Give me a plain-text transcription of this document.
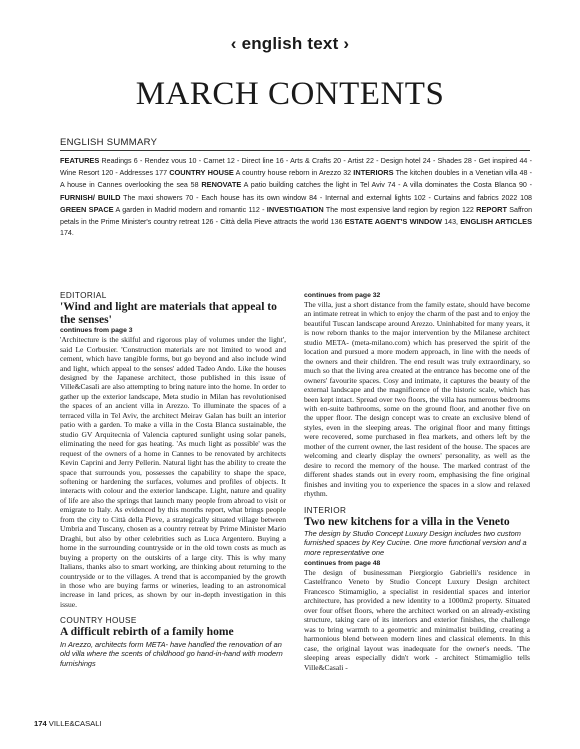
‹ english text ›
MARCH CONTENTS
ENGLISH SUMMARY
FEATURES Readings 6 - Rendez vous 10 - Carnet 12 - Direct line 16 - Arts & Crafts 20 - Artist 22 - Design hotel 24 - Shades 28 - Get inspired 44 - Wine Resort 120 - Addresses 177 COUNTRY HOUSE A country house reborn in Arezzo 32 INTERIORS The kitchen doubles in a Venetian villa 48 - A house in Cannes overlooking the sea 58 RENOVATE A patio building catches the light in Tel Aviv 74 - A villa dominates the Costa Blanca 90 - FURNISH/ BUILD The maxi showers 70 - Each house has its own window 84 - Internal and external lights 102 - Curtains and fabrics 2022 108 GREEN SPACE A garden in Madrid modern and romantic 112 - INVESTIGATION The most expensive land region by region 122 REPORT Saffron petals in the Prime Minister's country retreat 126 - Città della Pieve attracts the world 136 ESTATE AGENT'S WINDOW 143, ENGLISH ARTICLES 174.
EDITORIAL
'Wind and light are materials that appeal to the senses'
continues from page 3

'Architecture is the skilful and rigorous play of volumes under the light', said Le Corbusier. 'Construction materials are not limited to wood and cement, which have tangible forms, but go beyond and also include wind and light, which appeal to the senses' added Tadeo Ando. Like the houses designed by the Japanese architect, those published in this issue of Ville&Casali are also attempting to bring nature into the home. In order to gather up the exterior landscape, Meta studio in Milan has revolutionised the spaces of an ancient villa in Arezzo. To illuminate the spaces of a terraced villa in Tel Aviv, the architect Meirav Galan has built an interior patio with a garden. To make a villa in the Costa Blanca sustainable, the studio GV Arquitecnia of Valencia captured sunlight using solar panels, eliminating the need for gas heating. 'As much light as possible' was the request of the owners of a home in Cannes to be renovated by architects Kevin Caprini and Jerry Pellerin. Natural light has the ability to create the space that surrounds you, possesses the capability to shape the space, softening or hardening the surfaces, volumes and profiles of objects. It interacts with colour and the exterior landscape. Light, nature and quality of life are also the springs that launch many people from abroad to visit or emigrate to Italy. As evidenced by this months report, what brings people from the city to Città della Pieve, a strategically situated village between Umbria and Tuscany, chosen as a country retreat by Prime Minister Mario Draghi, but also by other celebrities such as Luca Argentero. Buying a home in the surrounding countryside or in the old town costs as much as buying a property on the outskirts of a large city. This is why many Italians, thanks also to smart working, are thinking about returning to the countryside or to the villages. A trend that is accompanied by the growth in those who are buying farms or wineries, leading to an astronomical increase in land prices, as shown by our in-depth investigation in this issue.

COUNTRY HOUSE
A difficult rebirth of a family home

In Arezzo, architects form META- have handled the renovation of an old villa where the scents of childhood go hand-in-hand with modern furnishings

continues from page 32

The villa, just a short distance from the family estate, should have become an intimate retreat in which to enjoy the charm of the past and to enjoy the beautiful Tuscan landscape around Arezzo. Uninhabited for many years, it is now reborn thanks to the major intervention by the Milanese architect studio META- (meta-milano.com) which has preserved the spirit of the location and pursued a more modern approach, in line with the needs of the owners and their children. The end result was truly extraordinary, so much so that the living area created at the entrance has become one of the owners' favourite spaces. Cosy and intimate, it captures the beauty of the external landscape and the magnificence of the historic scale, which has been kept intact. Spread over two floors, the villa has numerous bedrooms with en-suite bathrooms, some on the ground floor, and another five on the upper floor. The design concept was to create an exclusive blend of styles, even in the sleeping areas. The original floor and many fittings were recovered, some purchased in flea markets, and others left by the mother of the current owner, the last resident of the house. The spaces are welcoming and clearly display the owners' personality, as well as the desire to record the memory of the house. The marked contrast of the different shades stands out in every room, emphasising the fine original finishes and inviting you to experience the spaces in a slow and relaxed rhythm.

INTERIOR
Two new kitchens for a villa in the Veneto

The design by Studio Concept Luxury Design includes two custom furnished spaces by Key Cucine. One more functional version and a more representative one

continues from page 48

The design of businessman Piergiorgio Gabrielli's residence in Castelfranco Veneto by Studio Concept Luxury Design architect Francesco Stimamiglio, a specialist in residential spaces and interior architecture, has provided a new identity to a 1000m2 property. Situated over four offset floors, where the architect worked on an already-existing structure, taking care of its interiors and exterior finishes, the challenge was to bring warmth to a geometric and minimalist building, creating a harmonious blend between modern lines and classical elements. In this case, the original layout was inadequate for the owner's needs. 'The sleeping areas especially didn't work - architect Stimamiglio tells Ville&Casali -

174 VILLE&CASALI
